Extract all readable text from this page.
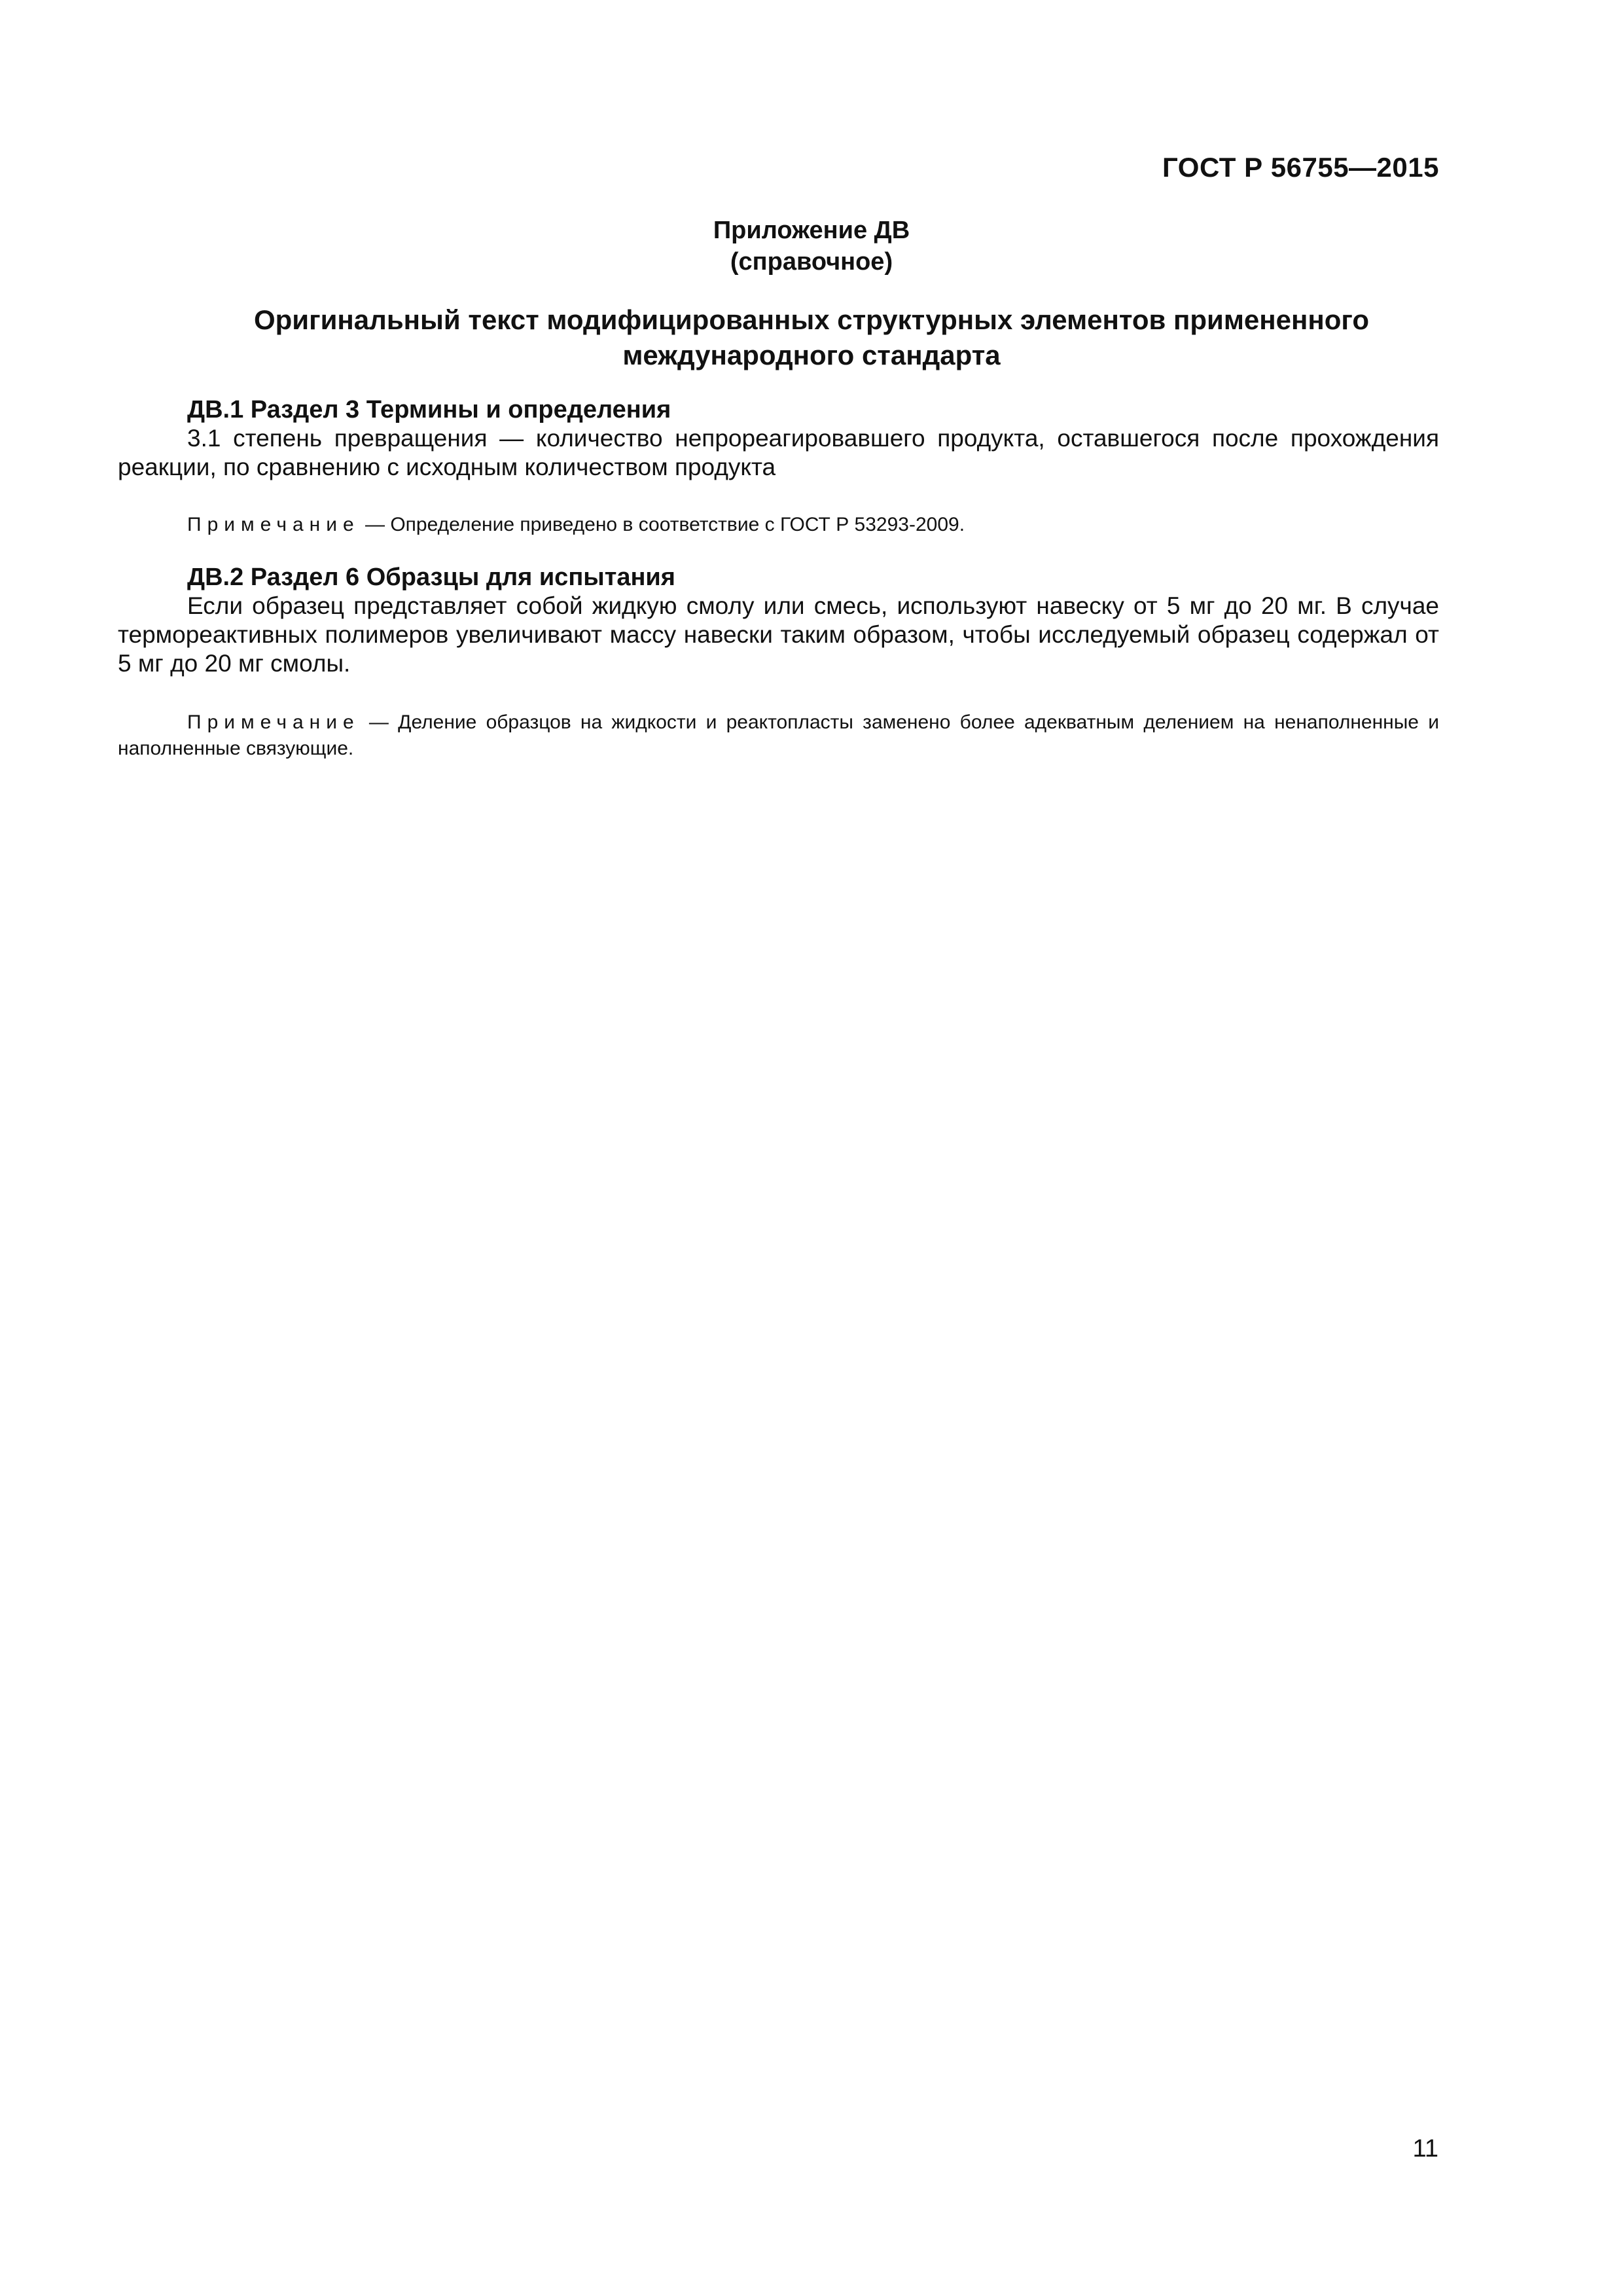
ГОСТ Р 56755—2015
Приложение ДВ
(справочное)
Оригинальный текст модифицированных структурных элементов примененного
международного стандарта
ДВ.1 Раздел 3 Термины и определения
3.1 степень превращения — количество непрореагировавшего продукта, оставшегося после прохождения реакции, по сравнению с исходным количеством продукта
Примечание — Определение приведено в соответствие с ГОСТ Р 53293-2009.
ДВ.2 Раздел 6 Образцы для испытания
Если образец представляет собой жидкую смолу или смесь, используют навеску от 5 мг до 20 мг. В случае термореактивных полимеров увеличивают массу навески таким образом, чтобы исследуемый образец содержал от 5 мг до 20 мг смолы.
Примечание — Деление образцов на жидкости и реактопласты заменено более адекватным делением на ненаполненные и наполненные связующие.
11
